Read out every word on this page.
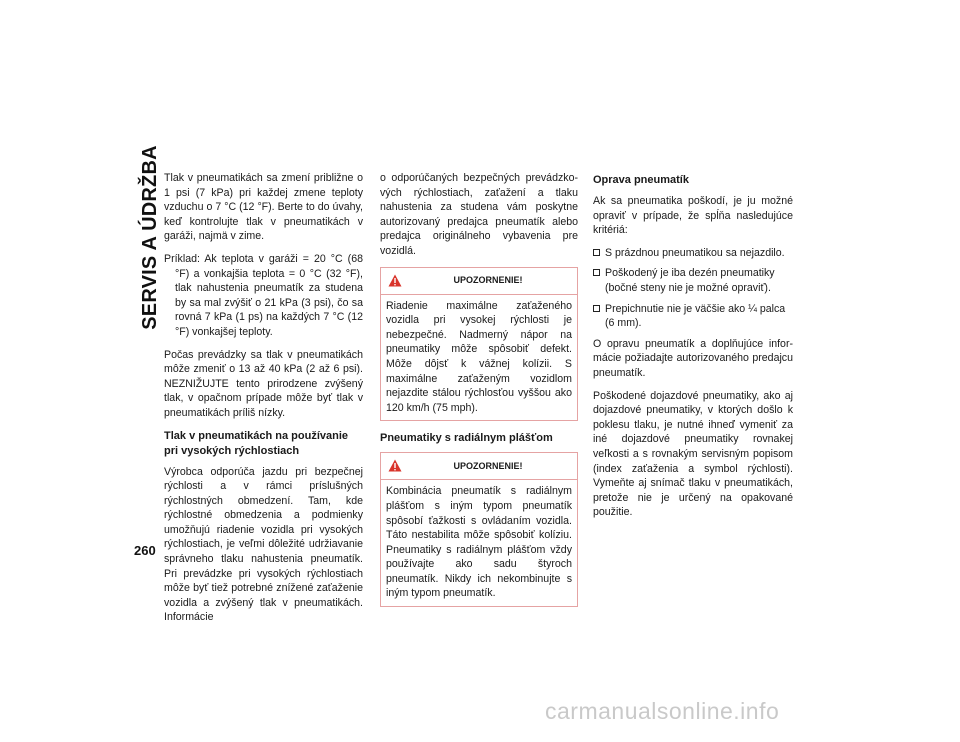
SERVIS A ÚDRŽBA
260

Tlak v pneumatikách sa zmení približne o 1 psi (7 kPa) pri každej zmene teploty vzduchu o 7 °C (12 °F). Berte to do úvahy, keď kontrolujte tlak v pneumatikách v garáži, najmä v zime.

Príklad: Ak teplota v garáži = 20 °C (68 °F) a vonkajšia teplota = 0 °C (32 °F), tlak nahustenia pneumatík za studena by sa mal zvýšiť o 21 kPa (3 psi), čo sa rovná 7 kPa (1 ps) na každých 7 °C (12 °F) vonkajšej teploty.

Počas prevádzky sa tlak v pneumatikách môže zmeniť o 13 až 40 kPa (2 až 6 psi). NEZNIŽUJTE tento prirodzene zvýšený tlak, v opačnom prípade môže byť tlak v pneumatikách príliš nízky.

Tlak v pneumatikách na používanie pri vysokých rýchlostiach

Výrobca odporúča jazdu pri bezpečnej rýchlosti a v rámci príslušných rýchlostných obmedzení. Tam, kde rýchlostné obmedzenia a podmienky umožňujú riadenie vozidla pri vysokých rýchlostiach, je veľmi dôležité udržiavanie správneho tlaku nahustenia pneumatík. Pri prevádzke pri vysokých rýchlostiach môže byť tiež potrebné znížené zaťaženie vozidla a zvýšený tlak v pneumatikách. Informácie

o odporúčaných bezpečných prevádzkových rýchlostiach, zaťažení a tlaku nahustenia za studena vám poskytne autorizovaný predajca pneumatík alebo predajca originálneho vybavenia pre vozidlá.

UPOZORNENIE!

Riadenie maximálne zaťaženého vozidla pri vysokej rýchlosti je nebezpečné. Nadmerný nápor na pneumatiky môže spôsobiť defekt. Môže dôjsť k vážnej kolízii. S maximálne zaťaženým vozidlom nejazdite stálou rýchlosťou vyššou ako 120 km/h (75 mph).

Pneumatiky s radiálnym plášťom
UPOZORNENIE!

Kombinácia pneumatík s radiálnym plášťom s iným typom pneumatík spôsobí ťažkosti s ovládaním vozidla. Táto nestabilita môže spôsobiť kolíziu. Pneumatiky s radiálnym plášťom vždy používajte ako sadu štyroch pneumatík. Nikdy ich nekombinujte s iným typom pneumatík.

Oprava pneumatík

Ak sa pneumatika poškodí, je ju možné opraviť v prípade, že spĺňa nasledujúce kritériá:

S prázdnou pneumatikou sa nejazdilo.
Poškodený je iba dezén pneumatiky (bočné steny nie je možné opraviť).
Prepichnutie nie je väčšie ako ¼ palca (6 mm).

O opravu pneumatík a doplňujúce informácie požiadajte autorizovaného predajcu pneumatík.

Poškodené dojazdové pneumatiky, ako aj dojazdové pneumatiky, v ktorých došlo k poklesu tlaku, je nutné ihneď vymeniť za iné dojazdové pneumatiky rovnakej veľkosti a s rovnakým servisným popisom (index zaťaženia a symbol rýchlosti). Vymeňte aj snímač tlaku v pneumatikách, pretože nie je určený na opakované použitie.

carmanualsonline.info
